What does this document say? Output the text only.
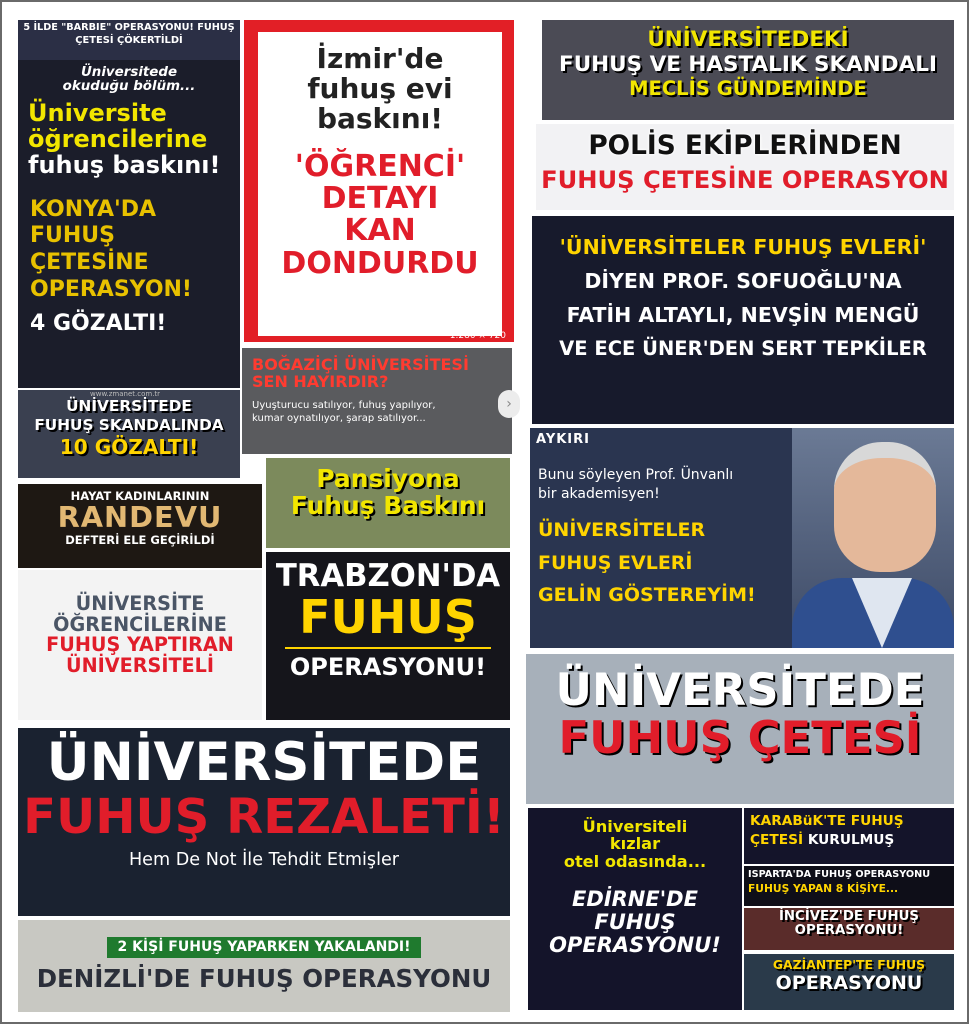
5 İLDE "BARBIE" OPERASYONU! FUHUŞ
ÇETESİ ÇÖKERTİLDİ
Üniversitede
okuduğu bölüm...
Üniversite
öğrencilerine
fuhuş baskını!
KONYA'DA
FUHUŞ
ÇETESİNE
OPERASYON!
4 GÖZALTI!
İzmir'de
fuhuş evi
baskını!
'ÖĞRENCİ'
DETAYI
KAN
DONDURDU
1.280 × 720
ÜNİVERSİTEDEKİ
FUHUŞ VE HASTALIK SKANDALI
MECLİS GÜNDEMİNDE
POLİS EKİPLERİNDEN
FUHUŞ ÇETESİNE OPERASYON
'ÜNİVERSİTELER FUHUŞ EVLERİ'
DİYEN PROF. SOFUOĞLU'NA
FATİH ALTAYLI, NEVŞİN MENGÜ
VE ECE ÜNER'DEN SERT TEPKİLER
www.zmanet.com.tr
ÜNİVERSİTEDE
FUHUŞ SKANDALINDA
10 GÖZALTI!
BOĞAZİÇİ ÜNİVERSİTESİ
SEN HAYIRDIR?
Uyuşturucu satılıyor, fuhuş yapılıyor,
kumar oynatılıyor, şarap satılıyor...
›
AYKIRI
Bunu söyleyen Prof. Ünvanlı
bir akademisyen!
ÜNİVERSİTELER
FUHUŞ EVLERİ
GELİN GÖSTEREYİM!
HAYAT KADINLARININ
RANDEVU
DEFTERİ ELE GEÇİRİLDİ
Pansiyona
Fuhuş Baskını
ÜNİVERSİTE
ÖĞRENCİLERİNE
FUHUŞ YAPTIRAN
ÜNİVERSİTELİ
TRABZON'DA
FUHUŞ
OPERASYONU!	ÜNİVERSİTEDE
FUHUŞ ÇETESİ
ÜNİVERSİTEDE
FUHUŞ REZALETİ!
Hem De Not İle Tehdit Etmişler
Üniversiteli
kızlar
otel odasında...
EDİRNE'DE
FUHUŞ
OPERASYONU!
KARABüK'TE FUHUŞ
ÇETESİ KURULMUŞ
ISPARTA'DA FUHUŞ OPERASYONU
FUHUŞ YAPAN 8 KİŞİYE...
İNCİVEZ'DE FUHUŞ
OPERASYONU!
GAZİANTEP'TE FUHUŞ
OPERASYONU
2 KİŞİ FUHUŞ YAPARKEN YAKALANDI!
DENİZLİ'DE FUHUŞ OPERASYONU
